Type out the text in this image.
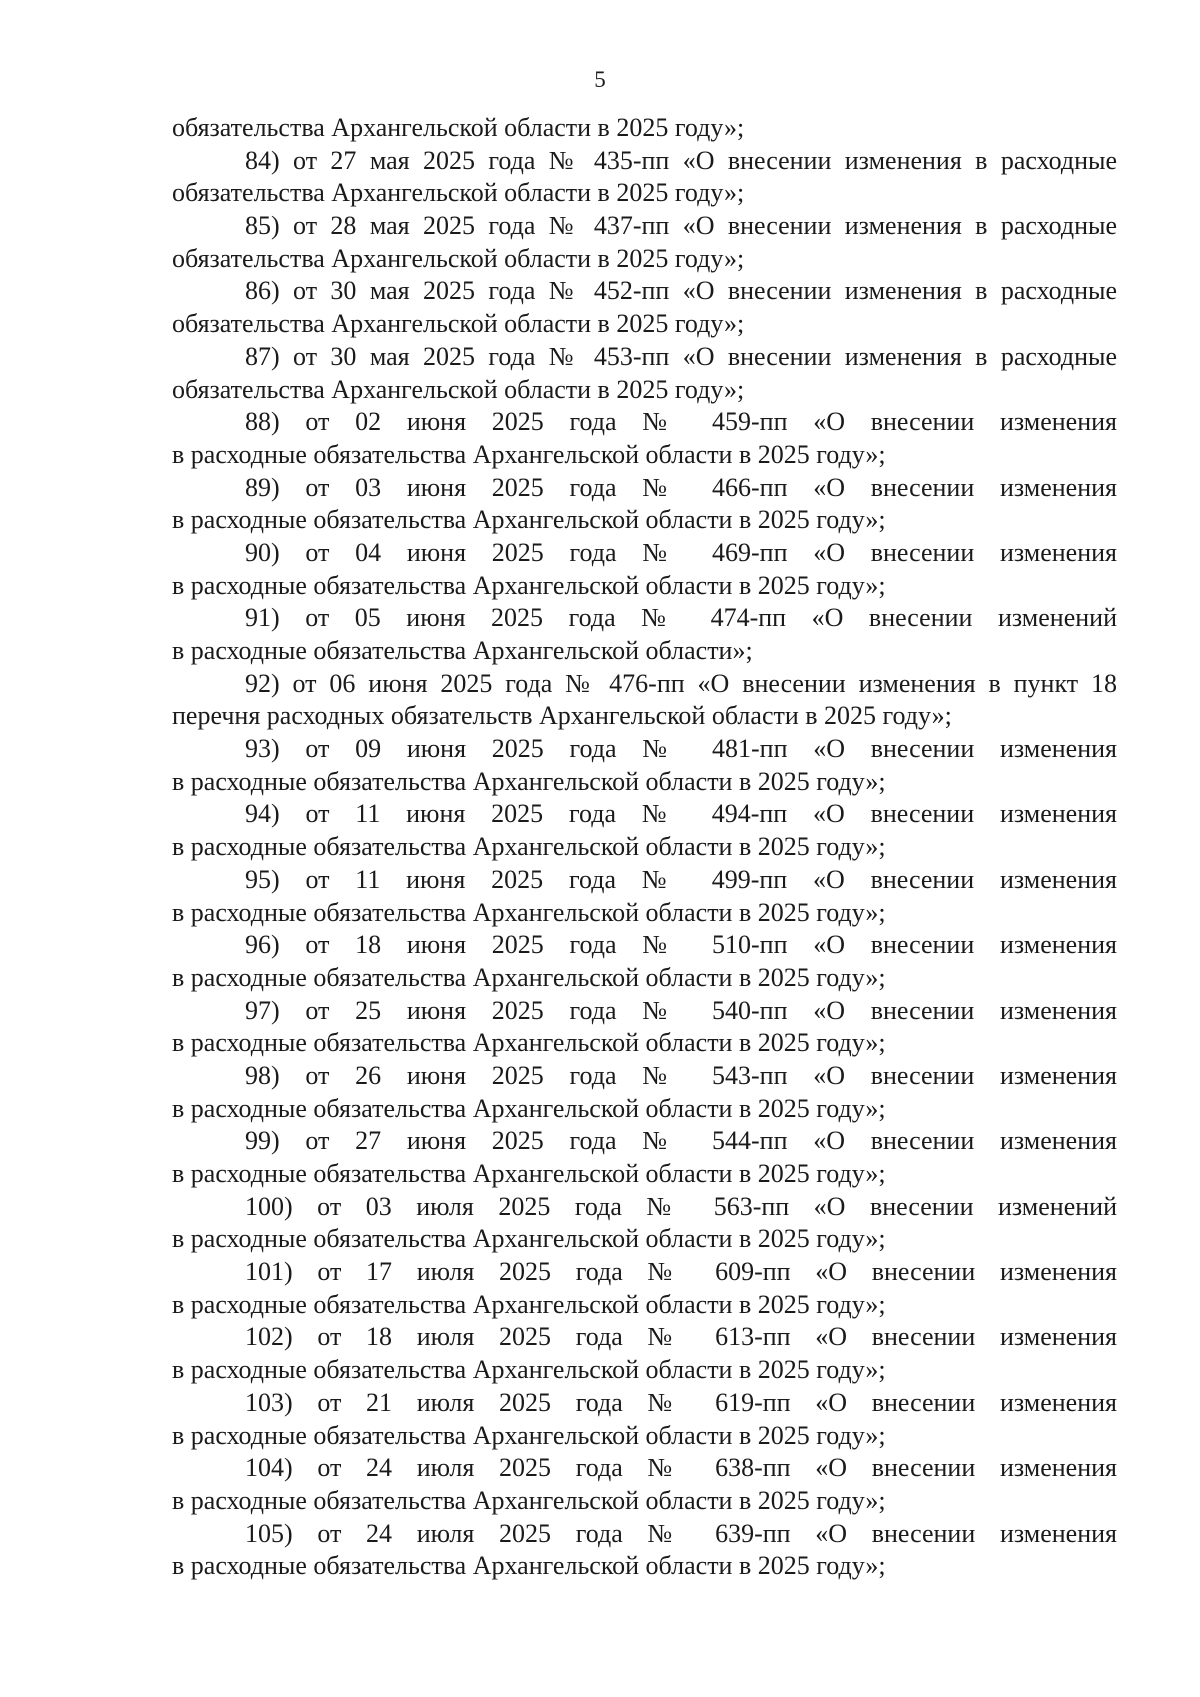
5
обязательства Архангельской области в 2025 году»;
84) от 27 мая 2025 года № 435-пп «О внесении изменения в расходные
обязательства Архангельской области в 2025 году»;
85) от 28 мая 2025 года № 437-пп «О внесении изменения в расходные
обязательства Архангельской области в 2025 году»;
86) от 30 мая 2025 года № 452-пп «О внесении изменения в расходные
обязательства Архангельской области в 2025 году»;
87) от 30 мая 2025 года № 453-пп «О внесении изменения в расходные
обязательства Архангельской области в 2025 году»;
88) от 02 июня 2025 года № 459-пп «О внесении изменения
в расходные обязательства Архангельской области в 2025 году»;
89) от 03 июня 2025 года № 466-пп «О внесении изменения
в расходные обязательства Архангельской области в 2025 году»;
90) от 04 июня 2025 года № 469-пп «О внесении изменения
в расходные обязательства Архангельской области в 2025 году»;
91) от 05 июня 2025 года № 474-пп «О внесении изменений
в расходные обязательства Архангельской области»;
92) от 06 июня 2025 года № 476-пп «О внесении изменения в пункт 18
перечня расходных обязательств Архангельской области в 2025 году»;
93) от 09 июня 2025 года № 481-пп «О внесении изменения
в расходные обязательства Архангельской области в 2025 году»;
94) от 11 июня 2025 года № 494-пп «О внесении изменения
в расходные обязательства Архангельской области в 2025 году»;
95) от 11 июня 2025 года № 499-пп «О внесении изменения
в расходные обязательства Архангельской области в 2025 году»;
96) от 18 июня 2025 года № 510-пп «О внесении изменения
в расходные обязательства Архангельской области в 2025 году»;
97) от 25 июня 2025 года № 540-пп «О внесении изменения
в расходные обязательства Архангельской области в 2025 году»;
98) от 26 июня 2025 года № 543-пп «О внесении изменения
в расходные обязательства Архангельской области в 2025 году»;
99) от 27 июня 2025 года № 544-пп «О внесении изменения
в расходные обязательства Архангельской области в 2025 году»;
100) от 03 июля 2025 года № 563-пп «О внесении изменений
в расходные обязательства Архангельской области в 2025 году»;
101) от 17 июля 2025 года № 609-пп «О внесении изменения
в расходные обязательства Архангельской области в 2025 году»;
102) от 18 июля 2025 года № 613-пп «О внесении изменения
в расходные обязательства Архангельской области в 2025 году»;
103) от 21 июля 2025 года № 619-пп «О внесении изменения
в расходные обязательства Архангельской области в 2025 году»;
104) от 24 июля 2025 года № 638-пп «О внесении изменения
в расходные обязательства Архангельской области в 2025 году»;
105) от 24 июля 2025 года № 639-пп «О внесении изменения
в расходные обязательства Архангельской области в 2025 году»;
